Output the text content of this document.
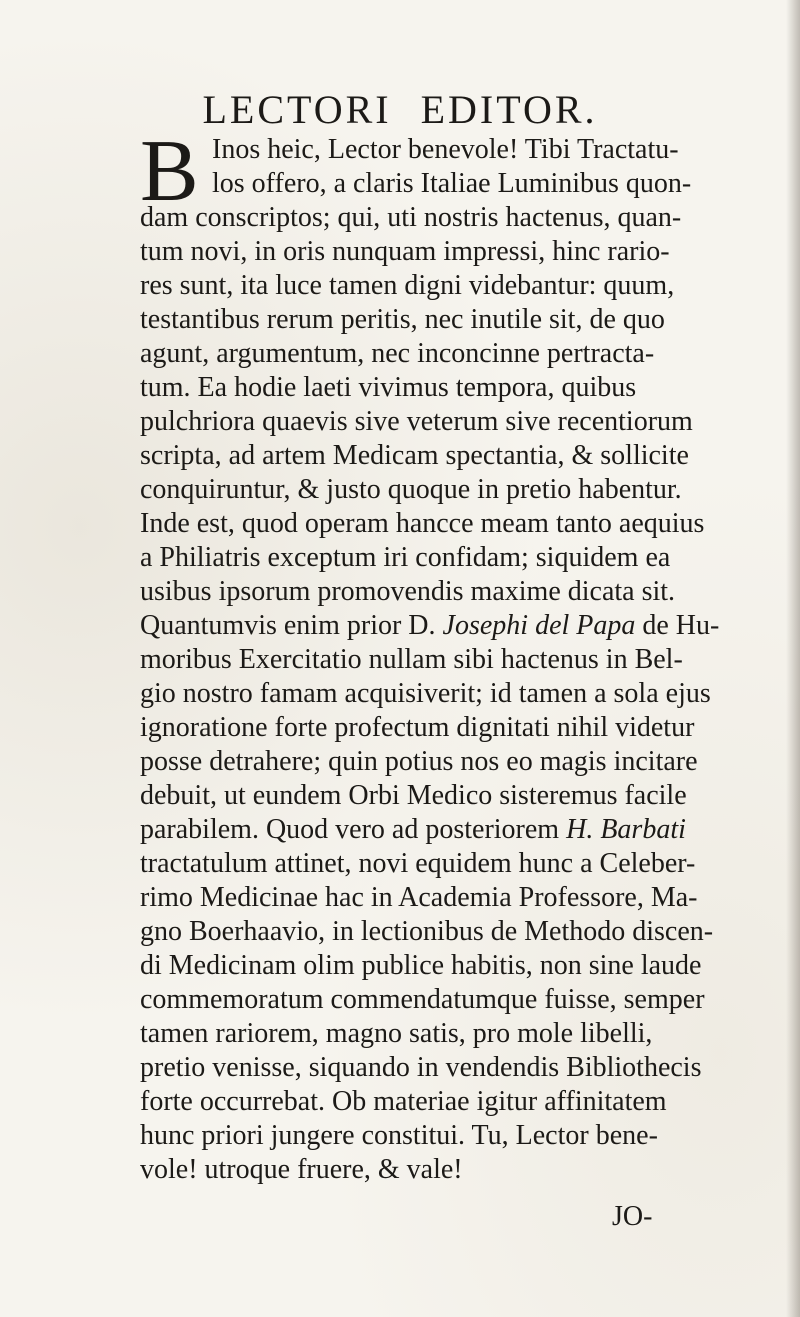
LECTORI EDITOR.
B Inos heic, Lector benevole! Tibi Tractatu-
los offero, a claris Italiae Luminibus quon-
dam conscriptos; qui, uti nostris hactenus, quan-
tum novi, in oris nunquam impressi, hinc rario-
res sunt, ita luce tamen digni videbantur: quum,
testantibus rerum peritis, nec inutile sit, de quo
agunt, argumentum, nec inconcinne pertracta-
tum. Ea hodie laeti vivimus tempora, quibus
pulchriora quaevis sive veterum sive recentiorum
scripta, ad artem Medicam spectantia, & sollicite
conquiruntur, & justo quoque in pretio habentur.
Inde est, quod operam hancce meam tanto aequius
a Philiatris exceptum iri confidam; siquidem ea
usibus ipsorum promovendis maxime dicata sit.
Quantumvis enim prior D. Josephi del Papa de Hu-
moribus Exercitatio nullam sibi hactenus in Bel-
gio nostro famam acquisiverit; id tamen a sola ejus
ignoratione forte profectum dignitati nihil videtur
posse detrahere; quin potius nos eo magis incitare
debuit, ut eundem Orbi Medico sisteremus facile
parabilem. Quod vero ad posteriorem H. Barbati
tractatulum attinet, novi equidem hunc a Celeber-
rimo Medicinae hac in Academia Professore, Ma-
gno Boerhaavio, in lectionibus de Methodo discen-
di Medicinam olim publice habitis, non sine laude
commemoratum commendatumque fuisse, semper
tamen rariorem, magno satis, pro mole libelli,
pretio venisse, siquando in vendendis Bibliothecis
forte occurrebat. Ob materiae igitur affinitatem
hunc priori jungere constitui. Tu, Lector bene-
vole! utroque fruere, & vale!
JO-
